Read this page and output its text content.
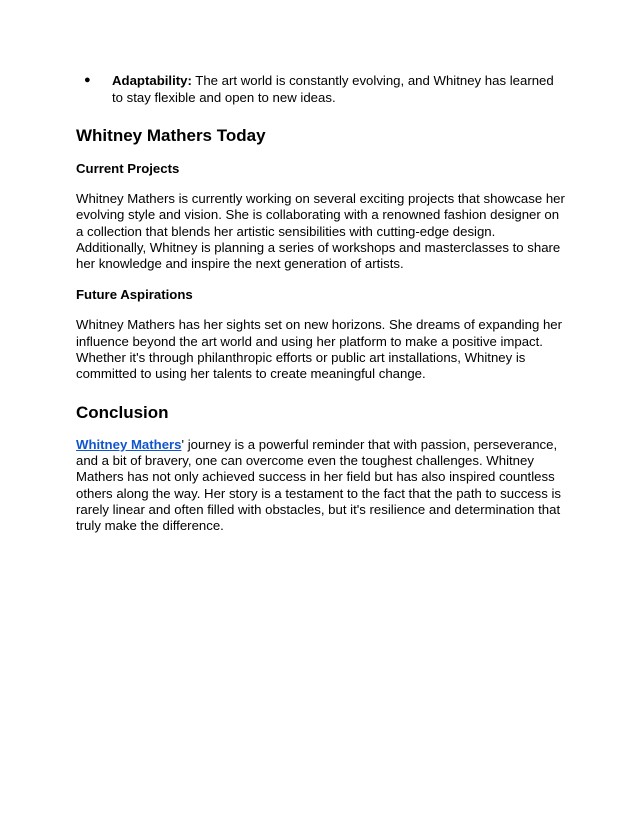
●	Adaptability: The art world is constantly evolving, and Whitney has learned to stay flexible and open to new ideas.
Whitney Mathers Today
Current Projects

Whitney Mathers is currently working on several exciting projects that showcase her evolving style and vision. She is collaborating with a renowned fashion designer on a collection that blends her artistic sensibilities with cutting-edge design. Additionally, Whitney is planning a series of workshops and masterclasses to share her knowledge and inspire the next generation of artists.

Future Aspirations

Whitney Mathers has her sights set on new horizons. She dreams of expanding her influence beyond the art world and using her platform to make a positive impact. Whether it's through philanthropic efforts or public art installations, Whitney is committed to using her talents to create meaningful change.

Conclusion

Whitney Mathers' journey is a powerful reminder that with passion, perseverance, and a bit of bravery, one can overcome even the toughest challenges. Whitney Mathers has not only achieved success in her field but has also inspired countless others along the way. Her story is a testament to the fact that the path to success is rarely linear and often filled with obstacles, but it's resilience and determination that truly make the difference.
